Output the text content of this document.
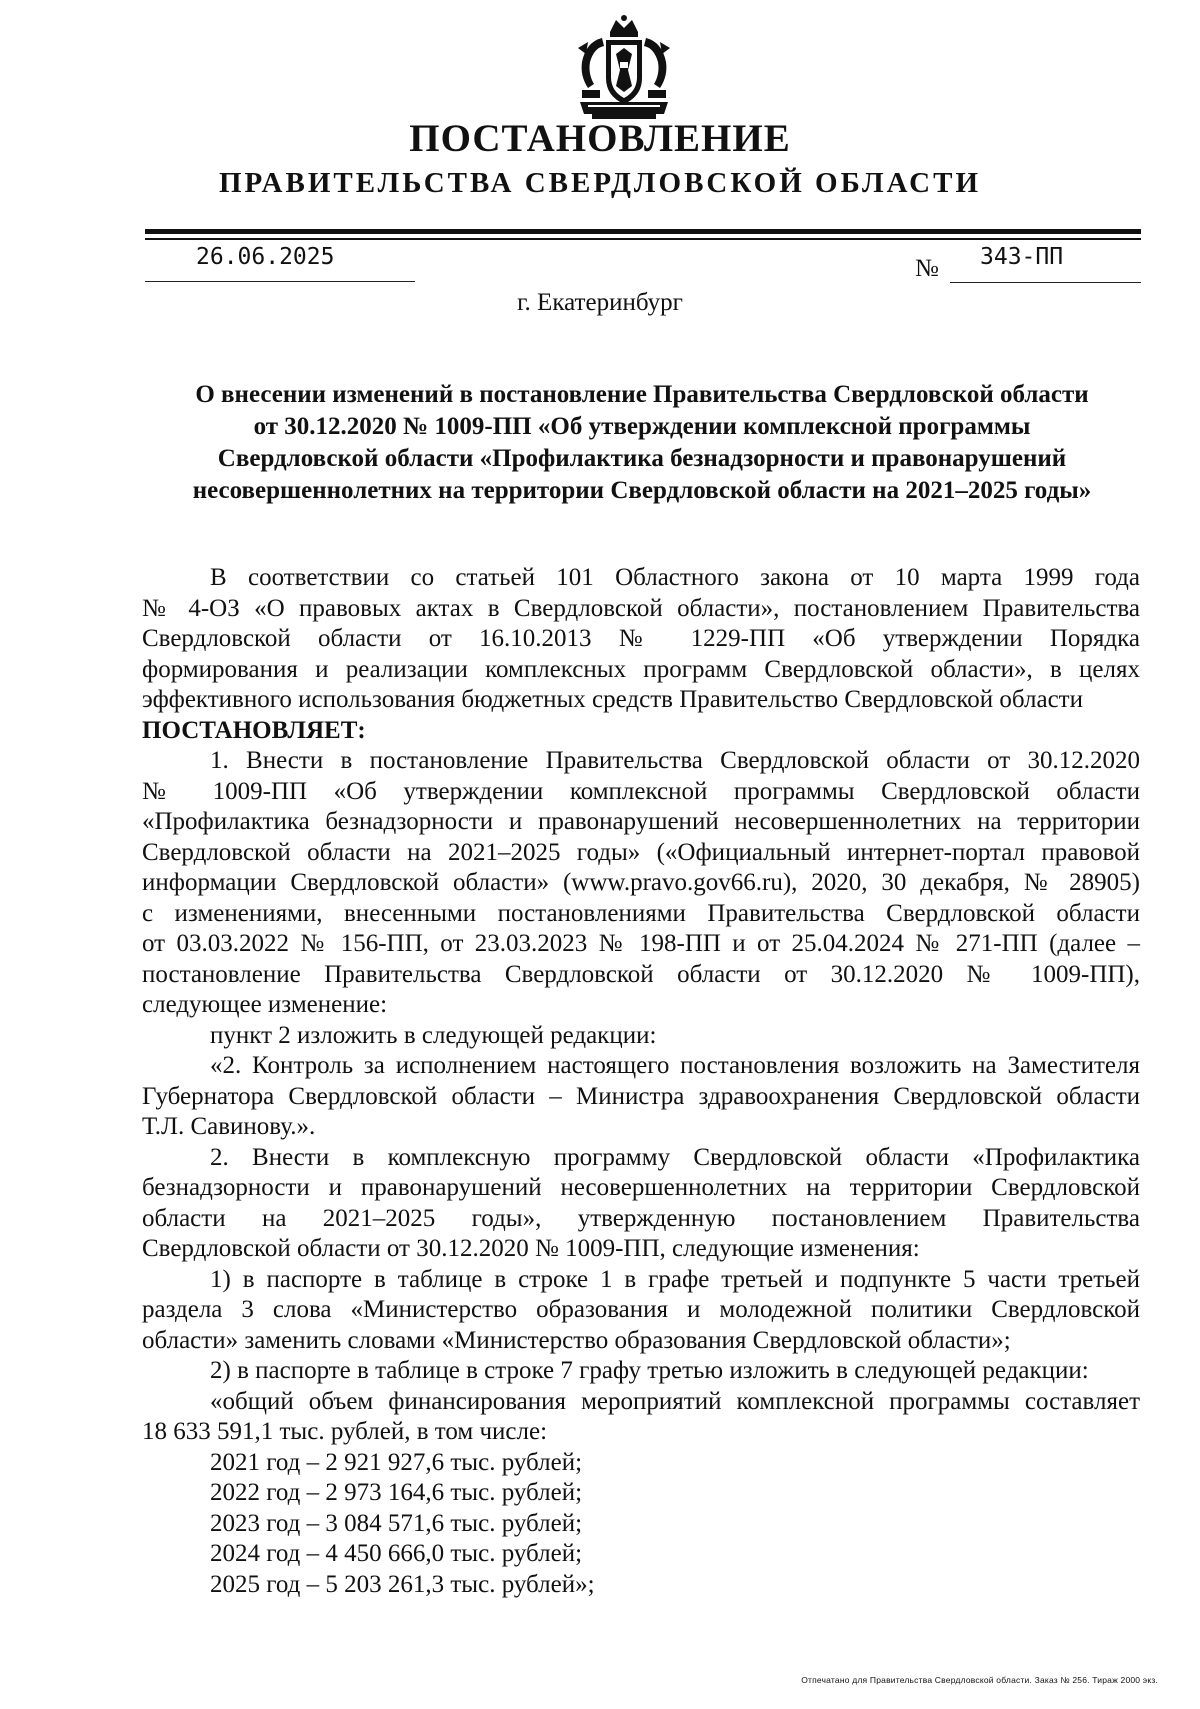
ПОСТАНОВЛЕНИЕ
ПРАВИТЕЛЬСТВА СВЕРДЛОВСКОЙ ОБЛАСТИ
26.06.2025	№ 343-ПП
г. Екатеринбург
О внесении изменений в постановление Правительства Свердловской области
от 30.12.2020 № 1009-ПП «Об утверждении комплексной программы
Свердловской области «Профилактика безнадзорности и правонарушений
несовершеннолетних на территории Свердловской области на 2021–2025 годы»

В соответствии со статьей 101 Областного закона от 10 марта 1999 года

№ 4-ОЗ «О правовых актах в Свердловской области», постановлением Правительства

Свердловской области от 16.10.2013 № 1229-ПП «Об утверждении Порядка

формирования и реализации комплексных программ Свердловской области», в целях

эффективного использования бюджетных средств Правительство Свердловской области

ПОСТАНОВЛЯЕТ:

1. Внести в постановление Правительства Свердловской области от 30.12.2020

№ 1009-ПП «Об утверждении комплексной программы Свердловской области

«Профилактика безнадзорности и правонарушений несовершеннолетних на территории

Свердловской области на 2021–2025 годы» («Официальный интернет-портал правовой

информации Свердловской области» (www.pravo.gov66.ru), 2020, 30 декабря, № 28905)

с изменениями, внесенными постановлениями Правительства Свердловской области

от 03.03.2022 № 156-ПП, от 23.03.2023 № 198-ПП и от 25.04.2024 № 271-ПП (далее –

постановление Правительства Свердловской области от 30.12.2020 № 1009-ПП),

следующее изменение:

пункт 2 изложить в следующей редакции:

«2. Контроль за исполнением настоящего постановления возложить на Заместителя

Губернатора Свердловской области – Министра здравоохранения Свердловской области

Т.Л. Савинову.».

2. Внести в комплексную программу Свердловской области «Профилактика

безнадзорности и правонарушений несовершеннолетних на территории Свердловской

области на 2021–2025 годы», утвержденную постановлением Правительства

Свердловской области от 30.12.2020 № 1009-ПП, следующие изменения:

1) в паспорте в таблице в строке 1 в графе третьей и подпункте 5 части третьей

раздела 3 слова «Министерство образования и молодежной политики Свердловской

области» заменить словами «Министерство образования Свердловской области»;

2) в паспорте в таблице в строке 7 графу третью изложить в следующей редакции:

«общий объем финансирования мероприятий комплексной программы составляет

18 633 591,1 тыс. рублей, в том числе:

2021 год – 2 921 927,6 тыс. рублей;

2022 год – 2 973 164,6 тыс. рублей;

2023 год – 3 084 571,6 тыс. рублей;

2024 год – 4 450 666,0 тыс. рублей;

2025 год – 5 203 261,3 тыс. рублей»;

Отпечатано для Правительства Свердловской области. Заказ № 256. Тираж 2000 экз.
